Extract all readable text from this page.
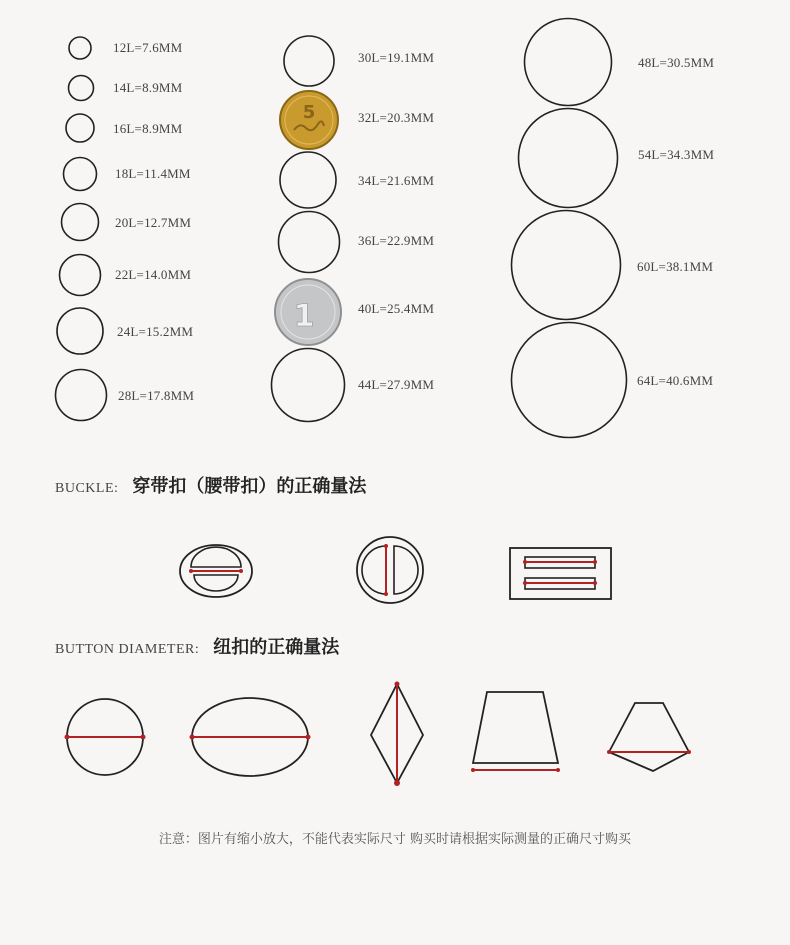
5
1
12L=7.6MM
14L=8.9MM
16L=8.9MM
18L=11.4MM
20L=12.7MM
22L=14.0MM
24L=15.2MM
28L=17.8MM
30L=19.1MM
32L=20.3MM
34L=21.6MM
36L=22.9MM
40L=25.4MM
44L=27.9MM
48L=30.5MM
54L=34.3MM
60L=38.1MM
64L=40.6MM
BUCKLE: 穿带扣（腰带扣）的正确量法
BUTTON DIAMETER: 纽扣的正确量法
注意：图片有缩小放大，不能代表实际尺寸 购买时请根据实际测量的正确尺寸购买
